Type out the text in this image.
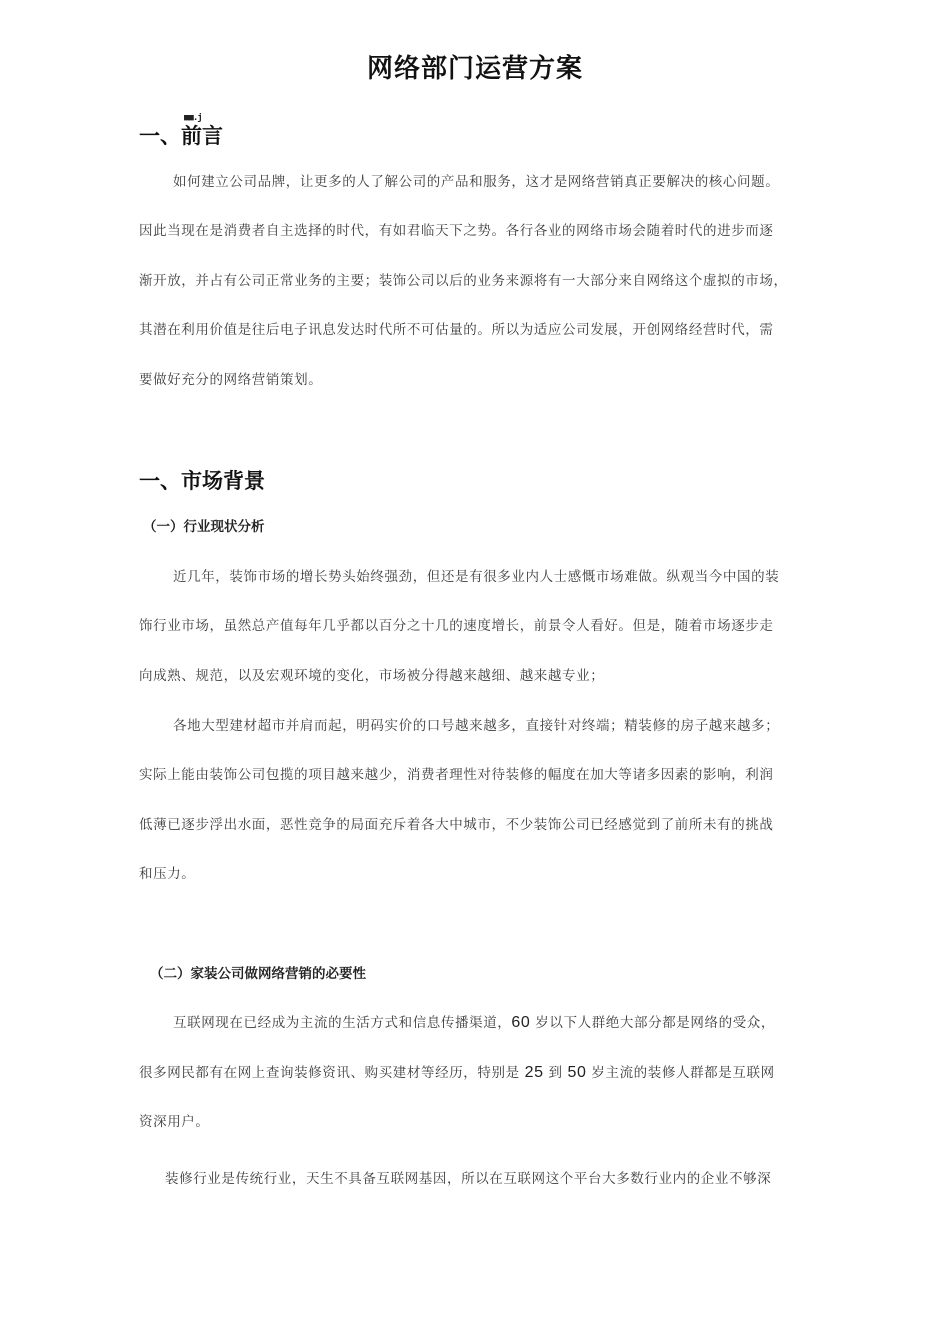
网络部门运营方案
■■.j
一、前言
如何建立公司品牌，让更多的人了解公司的产品和服务，这才是网络营销真正要解决的核心问题。
因此当现在是消费者自主选择的时代，有如君临天下之势。各行各业的网络市场会随着时代的进步而逐
渐开放，并占有公司正常业务的主要；装饰公司以后的业务来源将有一大部分来自网络这个虚拟的市场，
其潜在利用价值是往后电子讯息发达时代所不可估量的。所以为适应公司发展，开创网络经营时代，需
要做好充分的网络营销策划。
一、市场背景
（一）行业现状分析
近几年，装饰市场的增长势头始终强劲，但还是有很多业内人士感慨市场难做。纵观当今中国的装
饰行业市场，虽然总产值每年几乎都以百分之十几的速度增长，前景令人看好。但是，随着市场逐步走
向成熟、规范，以及宏观环境的变化，市场被分得越来越细、越来越专业；
各地大型建材超市并肩而起，明码实价的口号越来越多，直接针对终端；精装修的房子越来越多；
实际上能由装饰公司包揽的项目越来越少，消费者理性对待装修的幅度在加大等诸多因素的影响，利润
低薄已逐步浮出水面，恶性竞争的局面充斥着各大中城市，不少装饰公司已经感觉到了前所未有的挑战
和压力。
（二）家装公司做网络营销的必要性
互联网现在已经成为主流的生活方式和信息传播渠道，60 岁以下人群绝大部分都是网络的受众，
很多网民都有在网上查询装修资讯、购买建材等经历，特别是 25 到 50 岁主流的装修人群都是互联网
资深用户。
装修行业是传统行业，天生不具备互联网基因，所以在互联网这个平台大多数行业内的企业不够深
